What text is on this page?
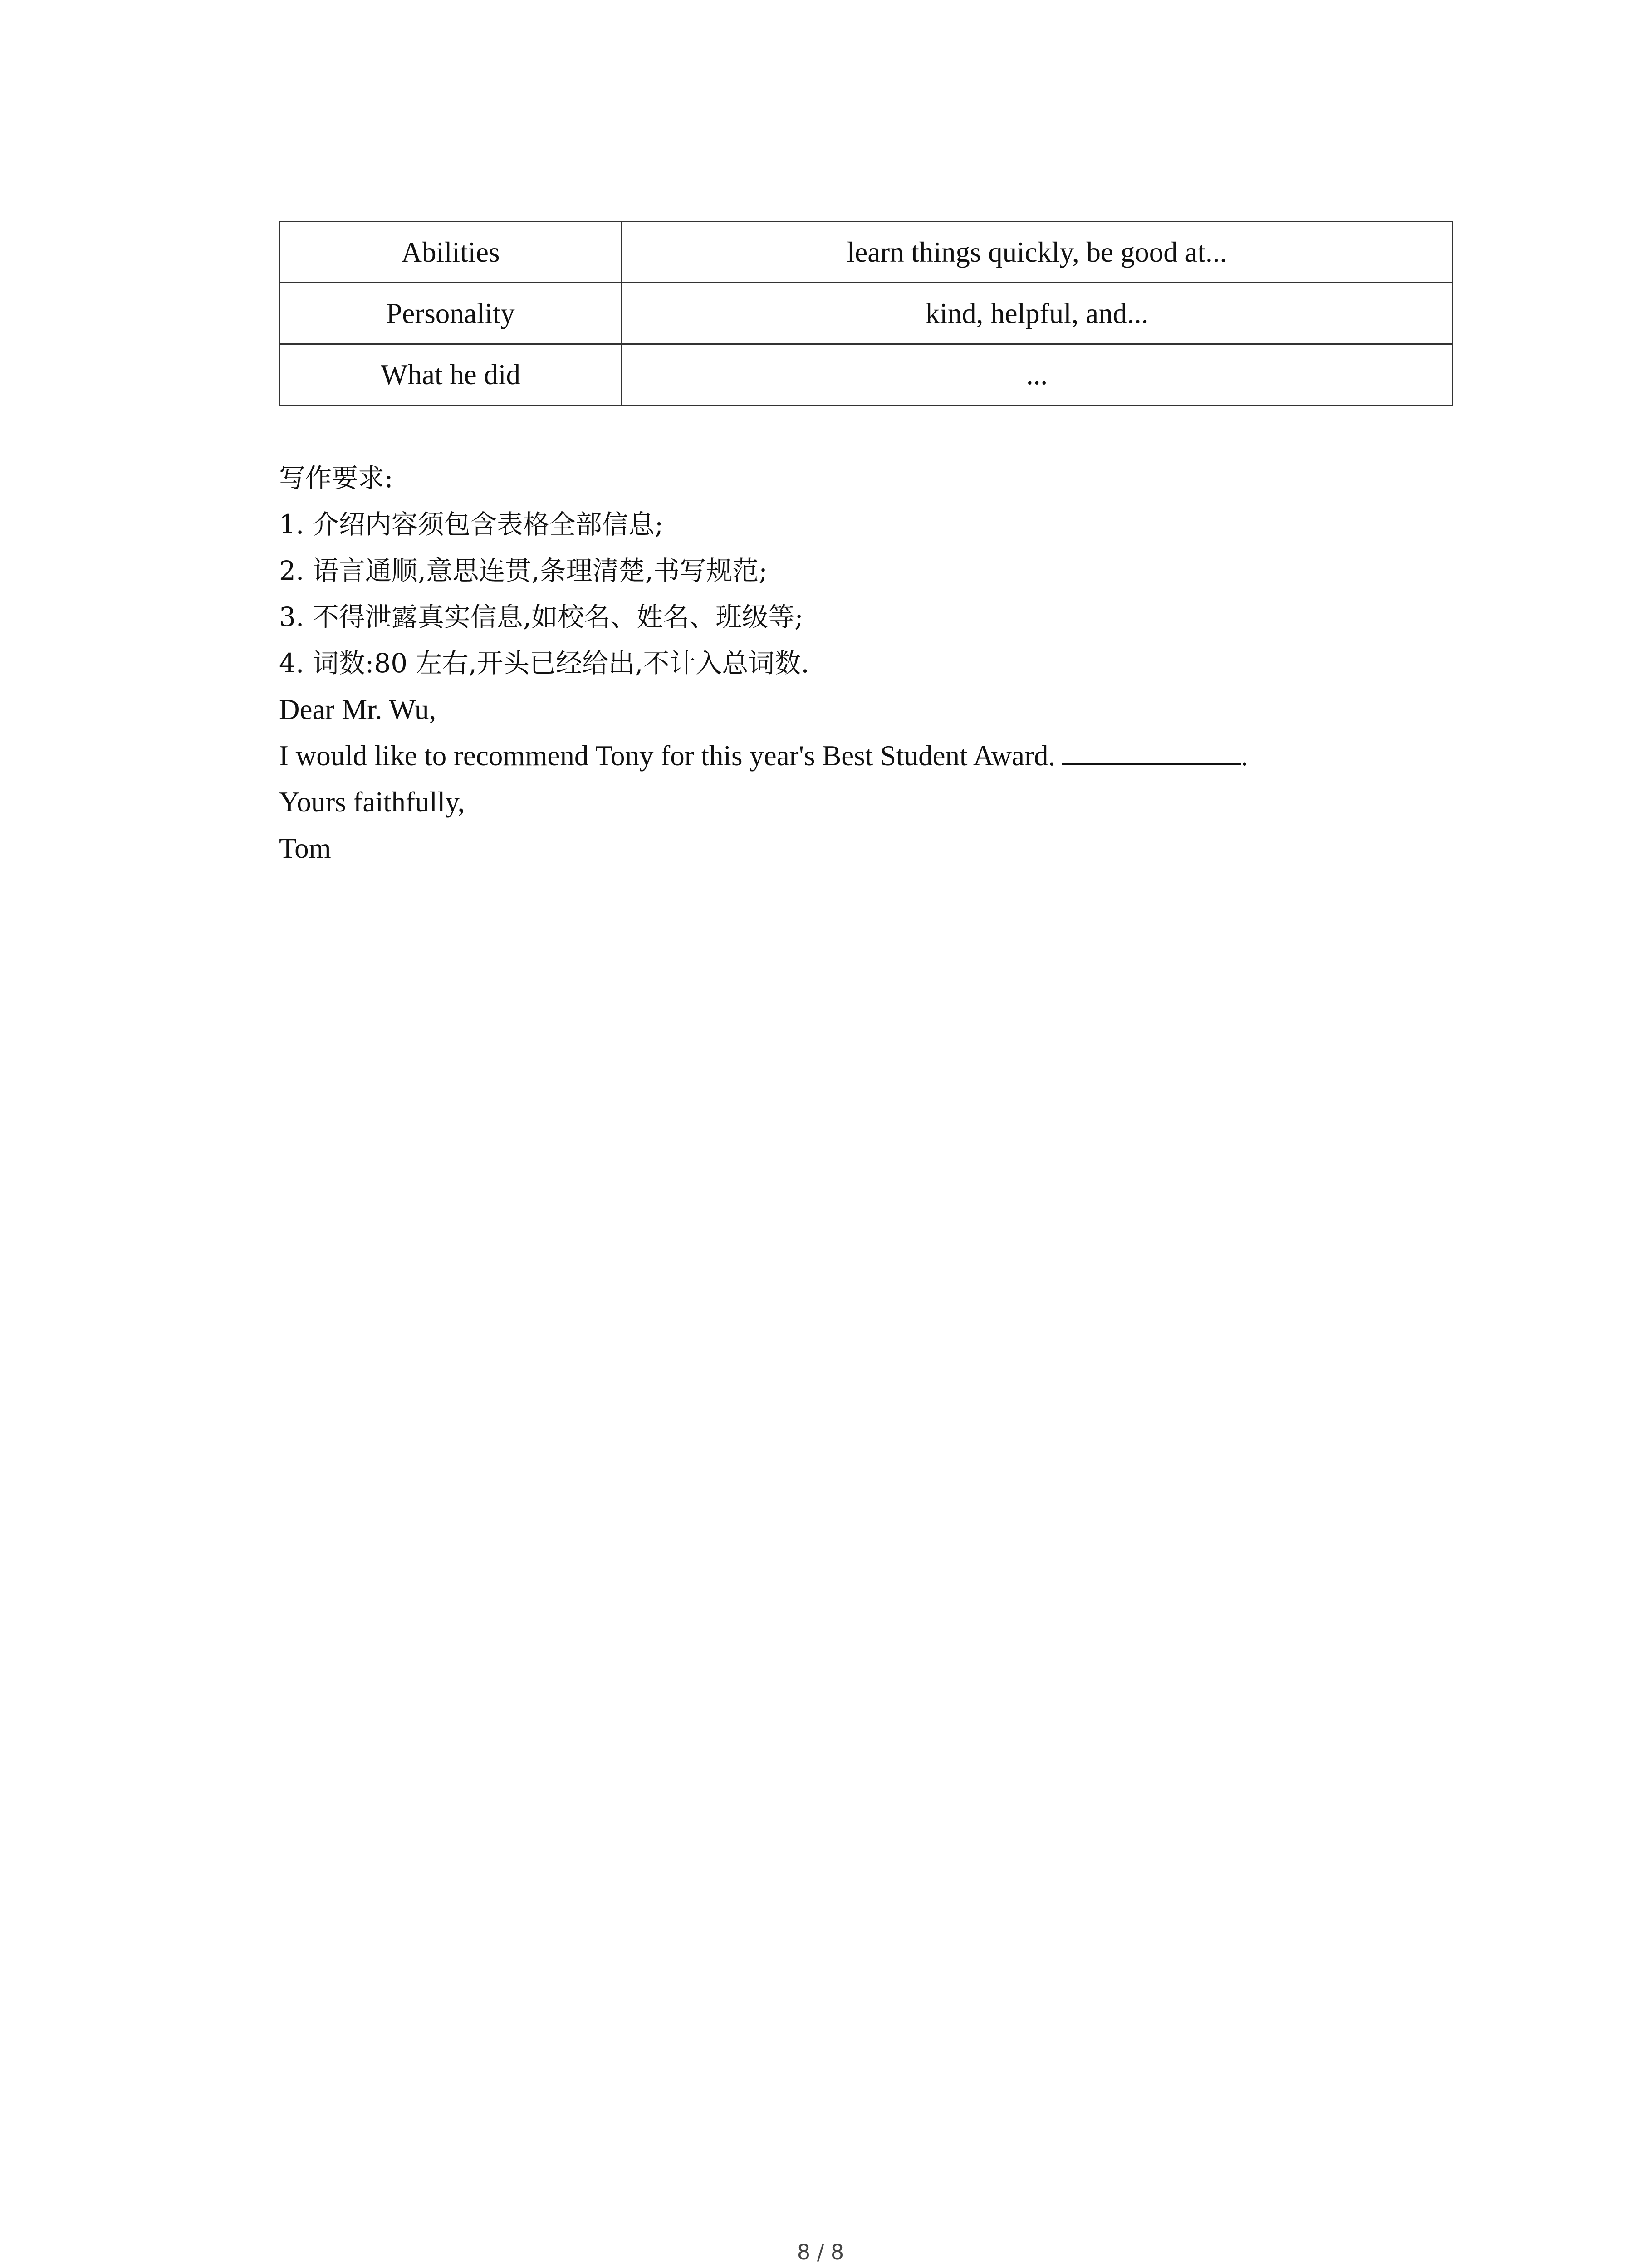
Abilities	learn things quickly, be good at...
Personality	kind, helpful, and...
What he did	...
写作要求:
1. 介绍内容须包含表格全部信息;
2. 语言通顺,意思连贯,条理清楚,书写规范;
3. 不得泄露真实信息,如校名、姓名、班级等;
4. 词数:80 左右,开头已经给出,不计入总词数.
Dear Mr. Wu,
I would like to recommend Tony for this year's Best Student Award.	.
Yours faithfully,
Tom
8 / 8
